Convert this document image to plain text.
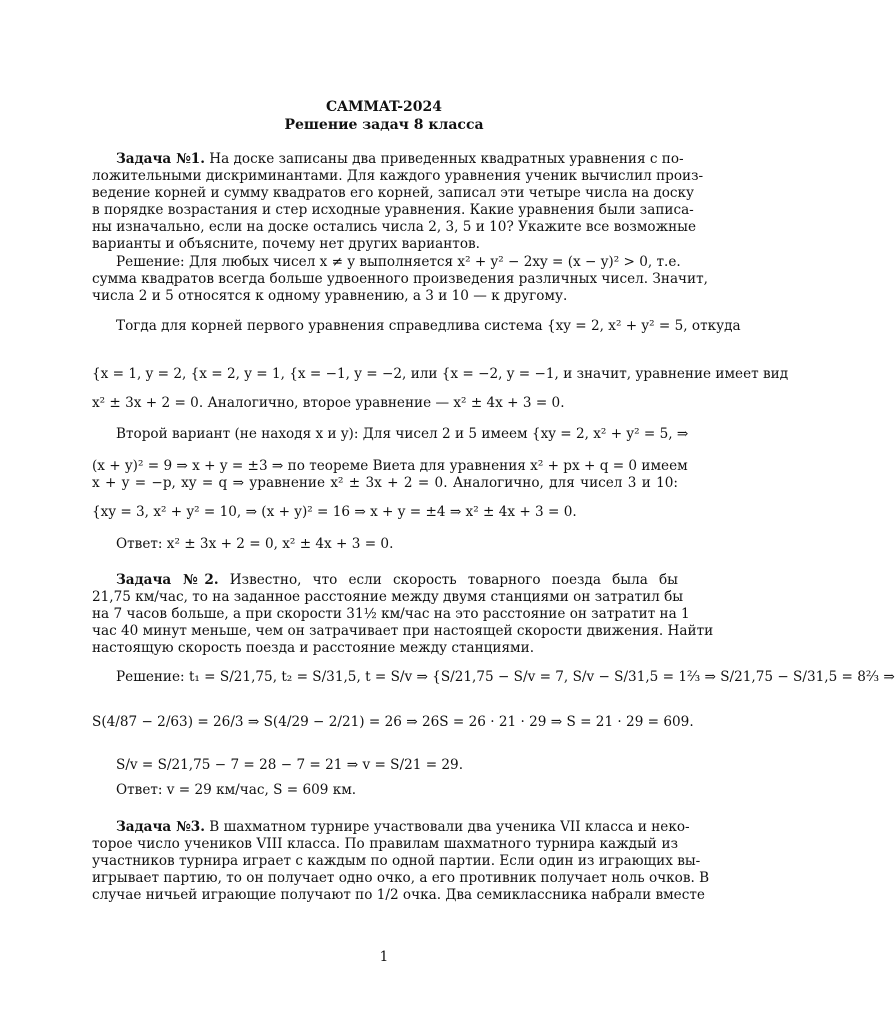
CAMMAT-2024
Решение задач 8 класса
Задача №1. На доске записаны два приведенных квадратных уравнения с по-
ложительными дискриминантами. Для каждого уравнения ученик вычислил произ-
ведение корней и сумму квадратов его корней, записал эти четыре числа на доску
в порядке возрастания и стер исходные уравнения. Какие уравнения были записа-
ны изначально, если на доске остались числа 2, 3, 5 и 10? Укажите все возможные
варианты и объясните, почему нет других вариантов.
Решение: Для любых чисел x ≠ y выполняется x² + y² − 2xy = (x − y)² > 0, т.е.
сумма квадратов всегда больше удвоенного произведения различных чисел. Значит,
числа 2 и 5 относятся к одному уравнению, а 3 и 10 — к другому.
Тогда для корней первого уравнения справедлива система {xy = 2, x² + y² = 5, откуда
{x = 1, y = 2, {x = 2, y = 1, {x = −1, y = −2, или {x = −2, y = −1, и значит, уравнение имеет вид
x² ± 3x + 2 = 0. Аналогично, второе уравнение — x² ± 4x + 3 = 0.
Второй вариант (не находя x и y): Для чисел 2 и 5 имеем {xy = 2, x² + y² = 5, ⇒
(x + y)² = 9 ⇒ x + y = ±3 ⇒ по теореме Виета для уравнения x² + px + q = 0 имеем
x + y = −p, xy = q ⇒ уравнение x² ± 3x + 2 = 0. Аналогично, для чисел 3 и 10:
{xy = 3, x² + y² = 10, ⇒ (x + y)² = 16 ⇒ x + y = ±4 ⇒ x² ± 4x + 3 = 0.
Ответ: x² ± 3x + 2 = 0, x² ± 4x + 3 = 0.
Задача №2. Известно, что если скорость товарного поезда была бы
21,75 км/час, то на заданное расстояние между двумя станциями он затратил бы
на 7 часов больше, а при скорости 31½ км/час на это расстояние он затратит на 1
час 40 минут меньше, чем он затрачивает при настоящей скорости движения. Найти
настоящую скорость поезда и расстояние между станциями.
Решение: t₁ = S/21,75, t₂ = S/31,5, t = S/v ⇒ {S/21,75 − S/v = 7, S/v − S/31,5 = 1⅔ ⇒ S/21,75 − S/31,5 = 8⅔ ⇒
S(4/87 − 2/63) = 26/3 ⇒ S(4/29 − 2/21) = 26 ⇒ 26S = 26 · 21 · 29 ⇒ S = 21 · 29 = 609.
S/v = S/21,75 − 7 = 28 − 7 = 21 ⇒ v = S/21 = 29.
Ответ: v = 29 км/час, S = 609 км.
Задача №3. В шахматном турнире участвовали два ученика VII класса и неко-
торое число учеников VIII класса. По правилам шахматного турнира каждый из
участников турнира играет с каждым по одной партии. Если один из играющих вы-
игрывает партию, то он получает одно очко, а его противник получает ноль очков. В
случае ничьей играющие получают по 1/2 очка. Два семиклассника набрали вместе
1
